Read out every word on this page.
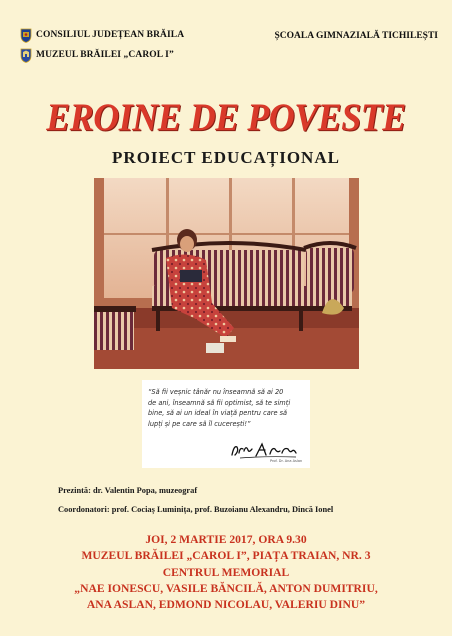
CONSILIUL JUDEȚEAN BRĂILA
MUZEUL BRĂILEI „CAROL I”
ȘCOALA GIMNAZIALĂ TICHILEȘTI
EROINE DE POVESTE
PROIECT EDUCAȚIONAL
“Să fii veșnic tânăr nu înseamnă să ai 20
de ani, înseamnă să fii optimist, să te simți
bine, să ai un ideal în viață pentru care să
lupți și pe care să îl cucerești!”
Prof. Dr. Ana Aslan
Prezintă: dr. Valentin Popa, muzeograf
Coordonatori: prof. Cociaș Luminița, prof. Buzoianu Alexandru, Dincă Ionel
JOI, 2 MARTIE 2017, ORA 9.30
MUZEUL BRĂILEI „CAROL I”, PIAȚA TRAIAN, NR. 3
CENTRUL MEMORIAL
„NAE IONESCU, VASILE BĂNCILĂ, ANTON DUMITRIU,
ANA ASLAN, EDMOND NICOLAU, VALERIU DINU”
